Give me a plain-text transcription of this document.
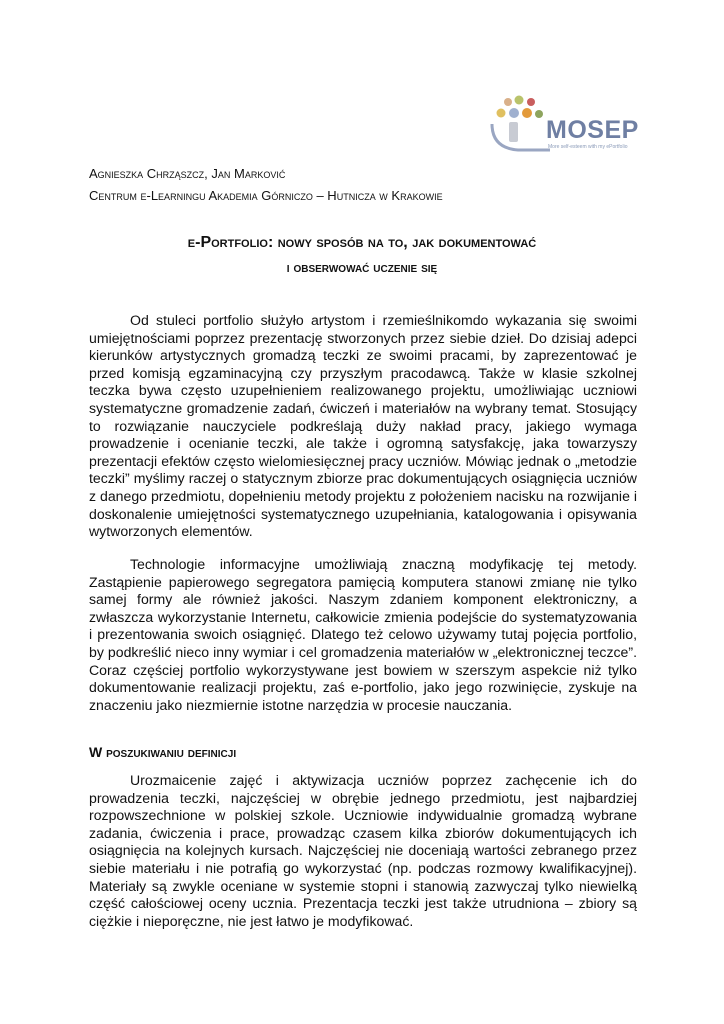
MOSEP
More self-esteem with my ePortfolio
Agnieszka Chrząszcz, Jan Marković
Centrum e-Learningu Akademia Górniczo – Hutnicza w Krakowie
e-Portfolio: nowy sposób na to, jak dokumentować
i obserwować uczenie się

Od stuleci portfolio służyło artystom i rzemieślnikomdo wykazania się swoimi umiejętnościami poprzez prezentację stworzonych przez siebie dzieł. Do dzisiaj adepci kierunków artystycznych gromadzą teczki ze swoimi pracami, by zaprezentować je przed komisją egzaminacyjną czy przyszłym pracodawcą. Także w klasie szkolnej teczka bywa często uzupełnieniem realizowanego projektu, umożliwiając uczniowi systematyczne gromadzenie zadań, ćwiczeń i materiałów na wybrany temat. Stosujący to rozwiązanie nauczyciele podkreślają duży nakład pracy, jakiego wymaga prowadzenie i ocenianie teczki, ale także i ogromną satysfakcję, jaka towarzyszy prezentacji efektów często wielomiesięcznej pracy uczniów. Mówiąc jednak o „metodzie teczki” myślimy raczej o statycznym zbiorze prac dokumentujących osiągnięcia uczniów z danego przedmiotu, dopełnieniu metody projektu z położeniem nacisku na rozwijanie i doskonalenie umiejętności systematycznego uzupełniania, katalogowania i opisywania wytworzonych elementów.

Technologie informacyjne umożliwiają znaczną modyfikację tej metody. Zastąpienie papierowego segregatora pamięcią komputera stanowi zmianę nie tylko samej formy ale również jakości. Naszym zdaniem komponent elektroniczny, a zwłaszcza wykorzystanie Internetu, całkowicie zmienia podejście do systematyzowania i prezentowania swoich osiągnięć. Dlatego też celowo używamy tutaj pojęcia portfolio, by podkreślić nieco inny wymiar i cel gromadzenia materiałów w „elektronicznej teczce”. Coraz częściej portfolio wykorzystywane jest bowiem w szerszym aspekcie niż tylko dokumentowanie realizacji projektu, zaś e-portfolio, jako jego rozwinięcie, zyskuje na znaczeniu jako niezmiernie istotne narzędzia w procesie nauczania.

W poszukiwaniu definicji

Urozmaicenie zajęć i aktywizacja uczniów poprzez zachęcenie ich do prowadzenia teczki, najczęściej w obrębie jednego przedmiotu, jest najbardziej rozpowszechnione w polskiej szkole. Uczniowie indywidualnie gromadzą wybrane zadania, ćwiczenia i prace, prowadząc czasem kilka zbiorów dokumentujących ich osiągnięcia na kolejnych kursach. Najczęściej nie doceniają wartości zebranego przez siebie materiału i nie potrafią go wykorzystać (np. podczas rozmowy kwalifikacyjnej). Materiały są zwykle oceniane w systemie stopni i stanowią zazwyczaj tylko niewielką część całościowej oceny ucznia. Prezentacja teczki jest także utrudniona – zbiory są ciężkie i nieporęczne, nie jest łatwo je modyfikować.
